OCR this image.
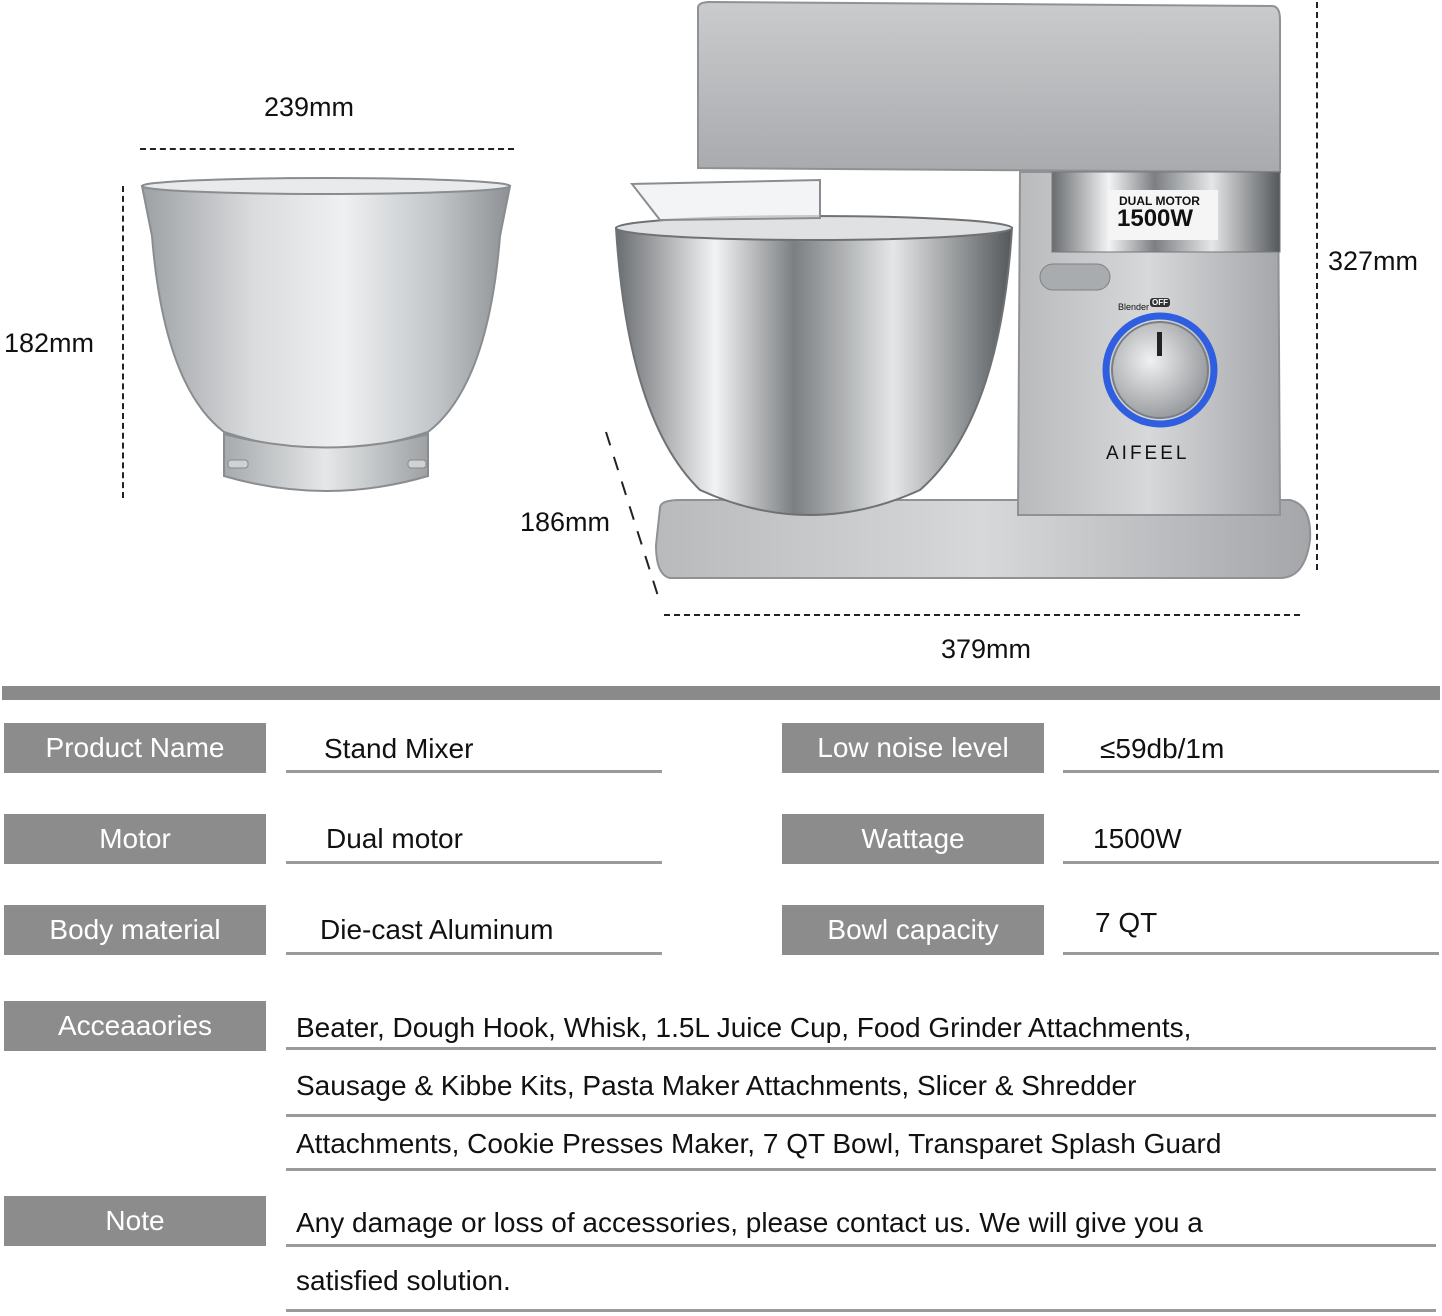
239mm
182mm
DUAL MOTOR
1500W
Blender OFF
AIFEEL
327mm
186mm
379mm
Product Name	Stand Mixer	Low noise level	≤59db/1m
Motor	Dual motor	Wattage	1500W
Body material	Die-cast Aluminum	Bowl capacity	7 QT
Acceaaories	Beater, Dough Hook, Whisk, 1.5L Juice Cup, Food Grinder Attachments,
Sausage & Kibbe Kits, Pasta Maker Attachments, Slicer & Shredder
Attachments, Cookie Presses Maker, 7 QT Bowl, Transparet Splash Guard
Note	Any damage or loss of accessories, please contact us. We will give you a
satisfied solution.
